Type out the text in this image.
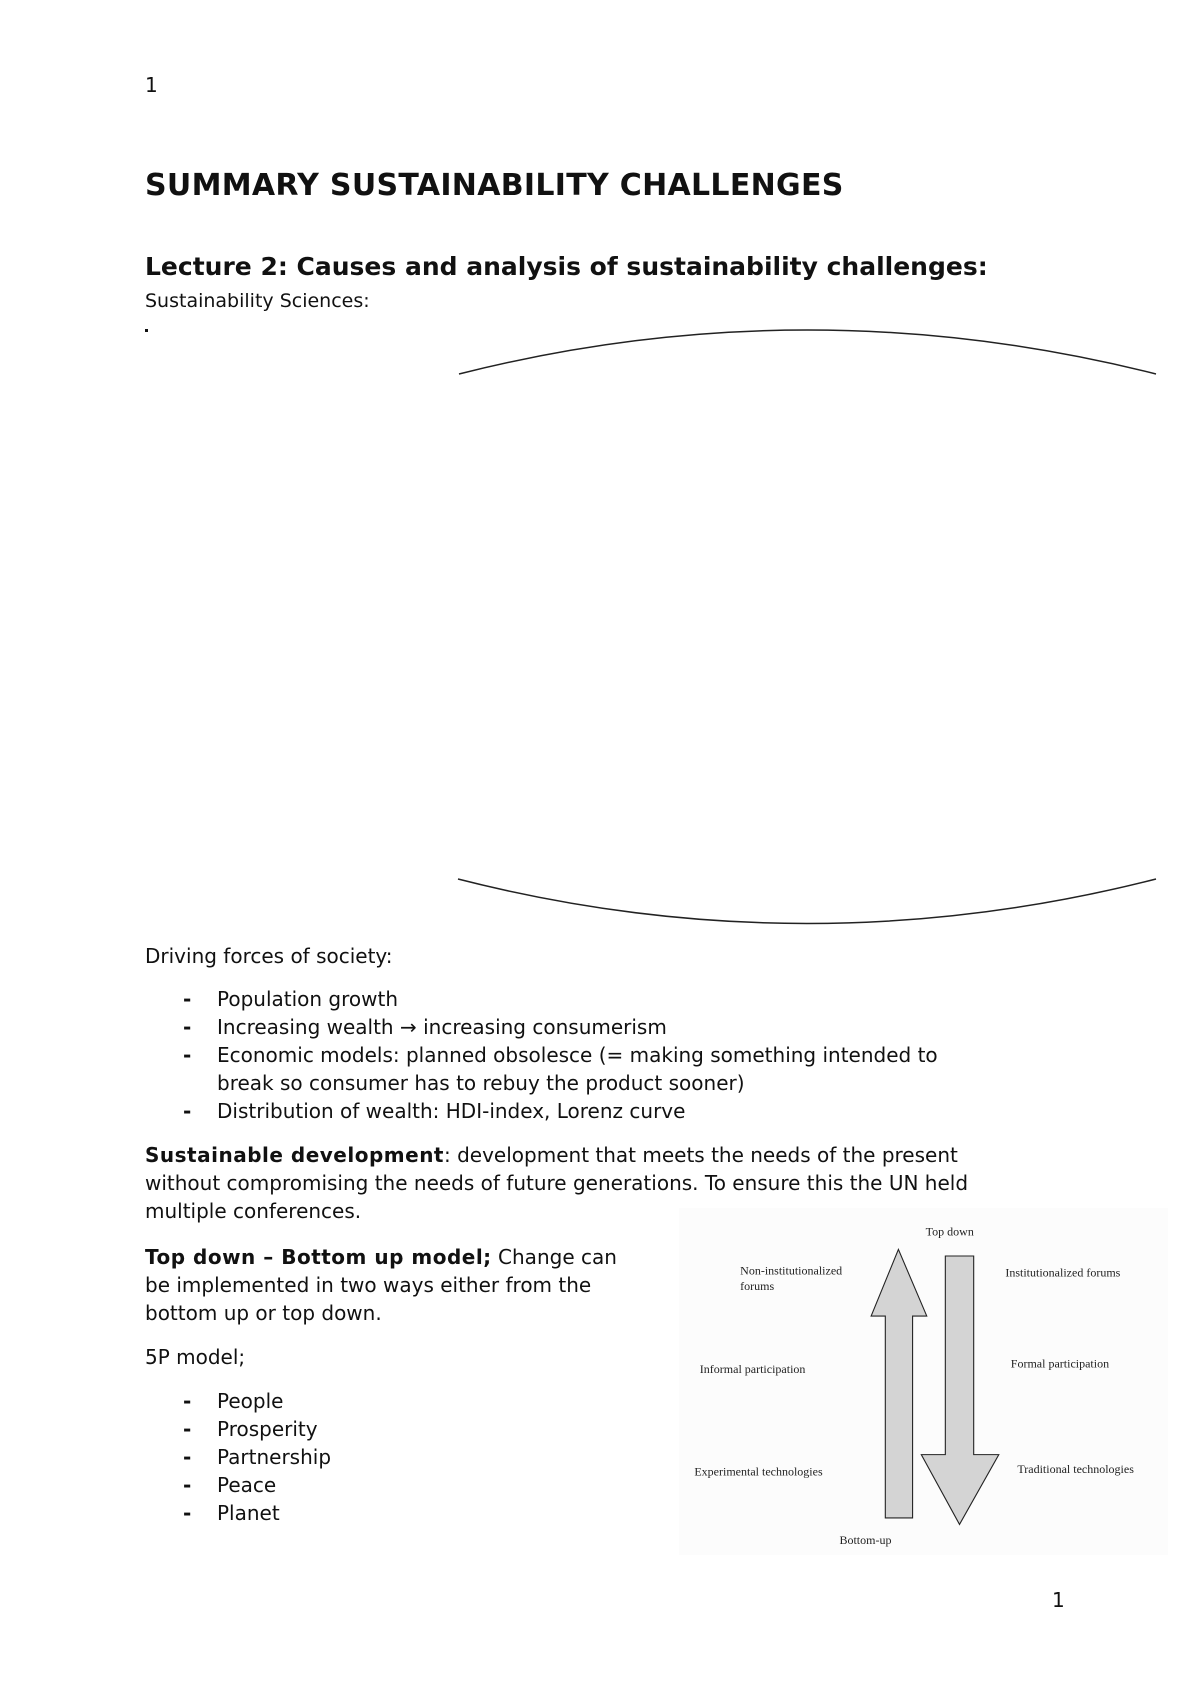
1
SUMMARY SUSTAINABILITY CHALLENGES
Lecture 2: Causes and analysis of sustainability challenges:
Sustainability Sciences:
Driving forces of society:
- Population growth
- Increasing wealth → increasing consumerism
- Economic models: planned obsolesce (= making something intended to
break so consumer has to rebuy the product sooner)
- Distribution of wealth: HDI-index, Lorenz curve
Sustainable development: development that meets the needs of the present
without compromising the needs of future generations. To ensure this the UN held
multiple conferences.
Top down – Bottom up model; Change can
be implemented in two ways either from the
bottom up or top down.
5P model;
- People
- Prosperity
- Partnership
- Peace
- Planet
Top down
Non-institutionalized
forums
Informal participation
Experimental technologies
Institutionalized forums
Formal participation
Traditional technologies
Bottom-up
1
